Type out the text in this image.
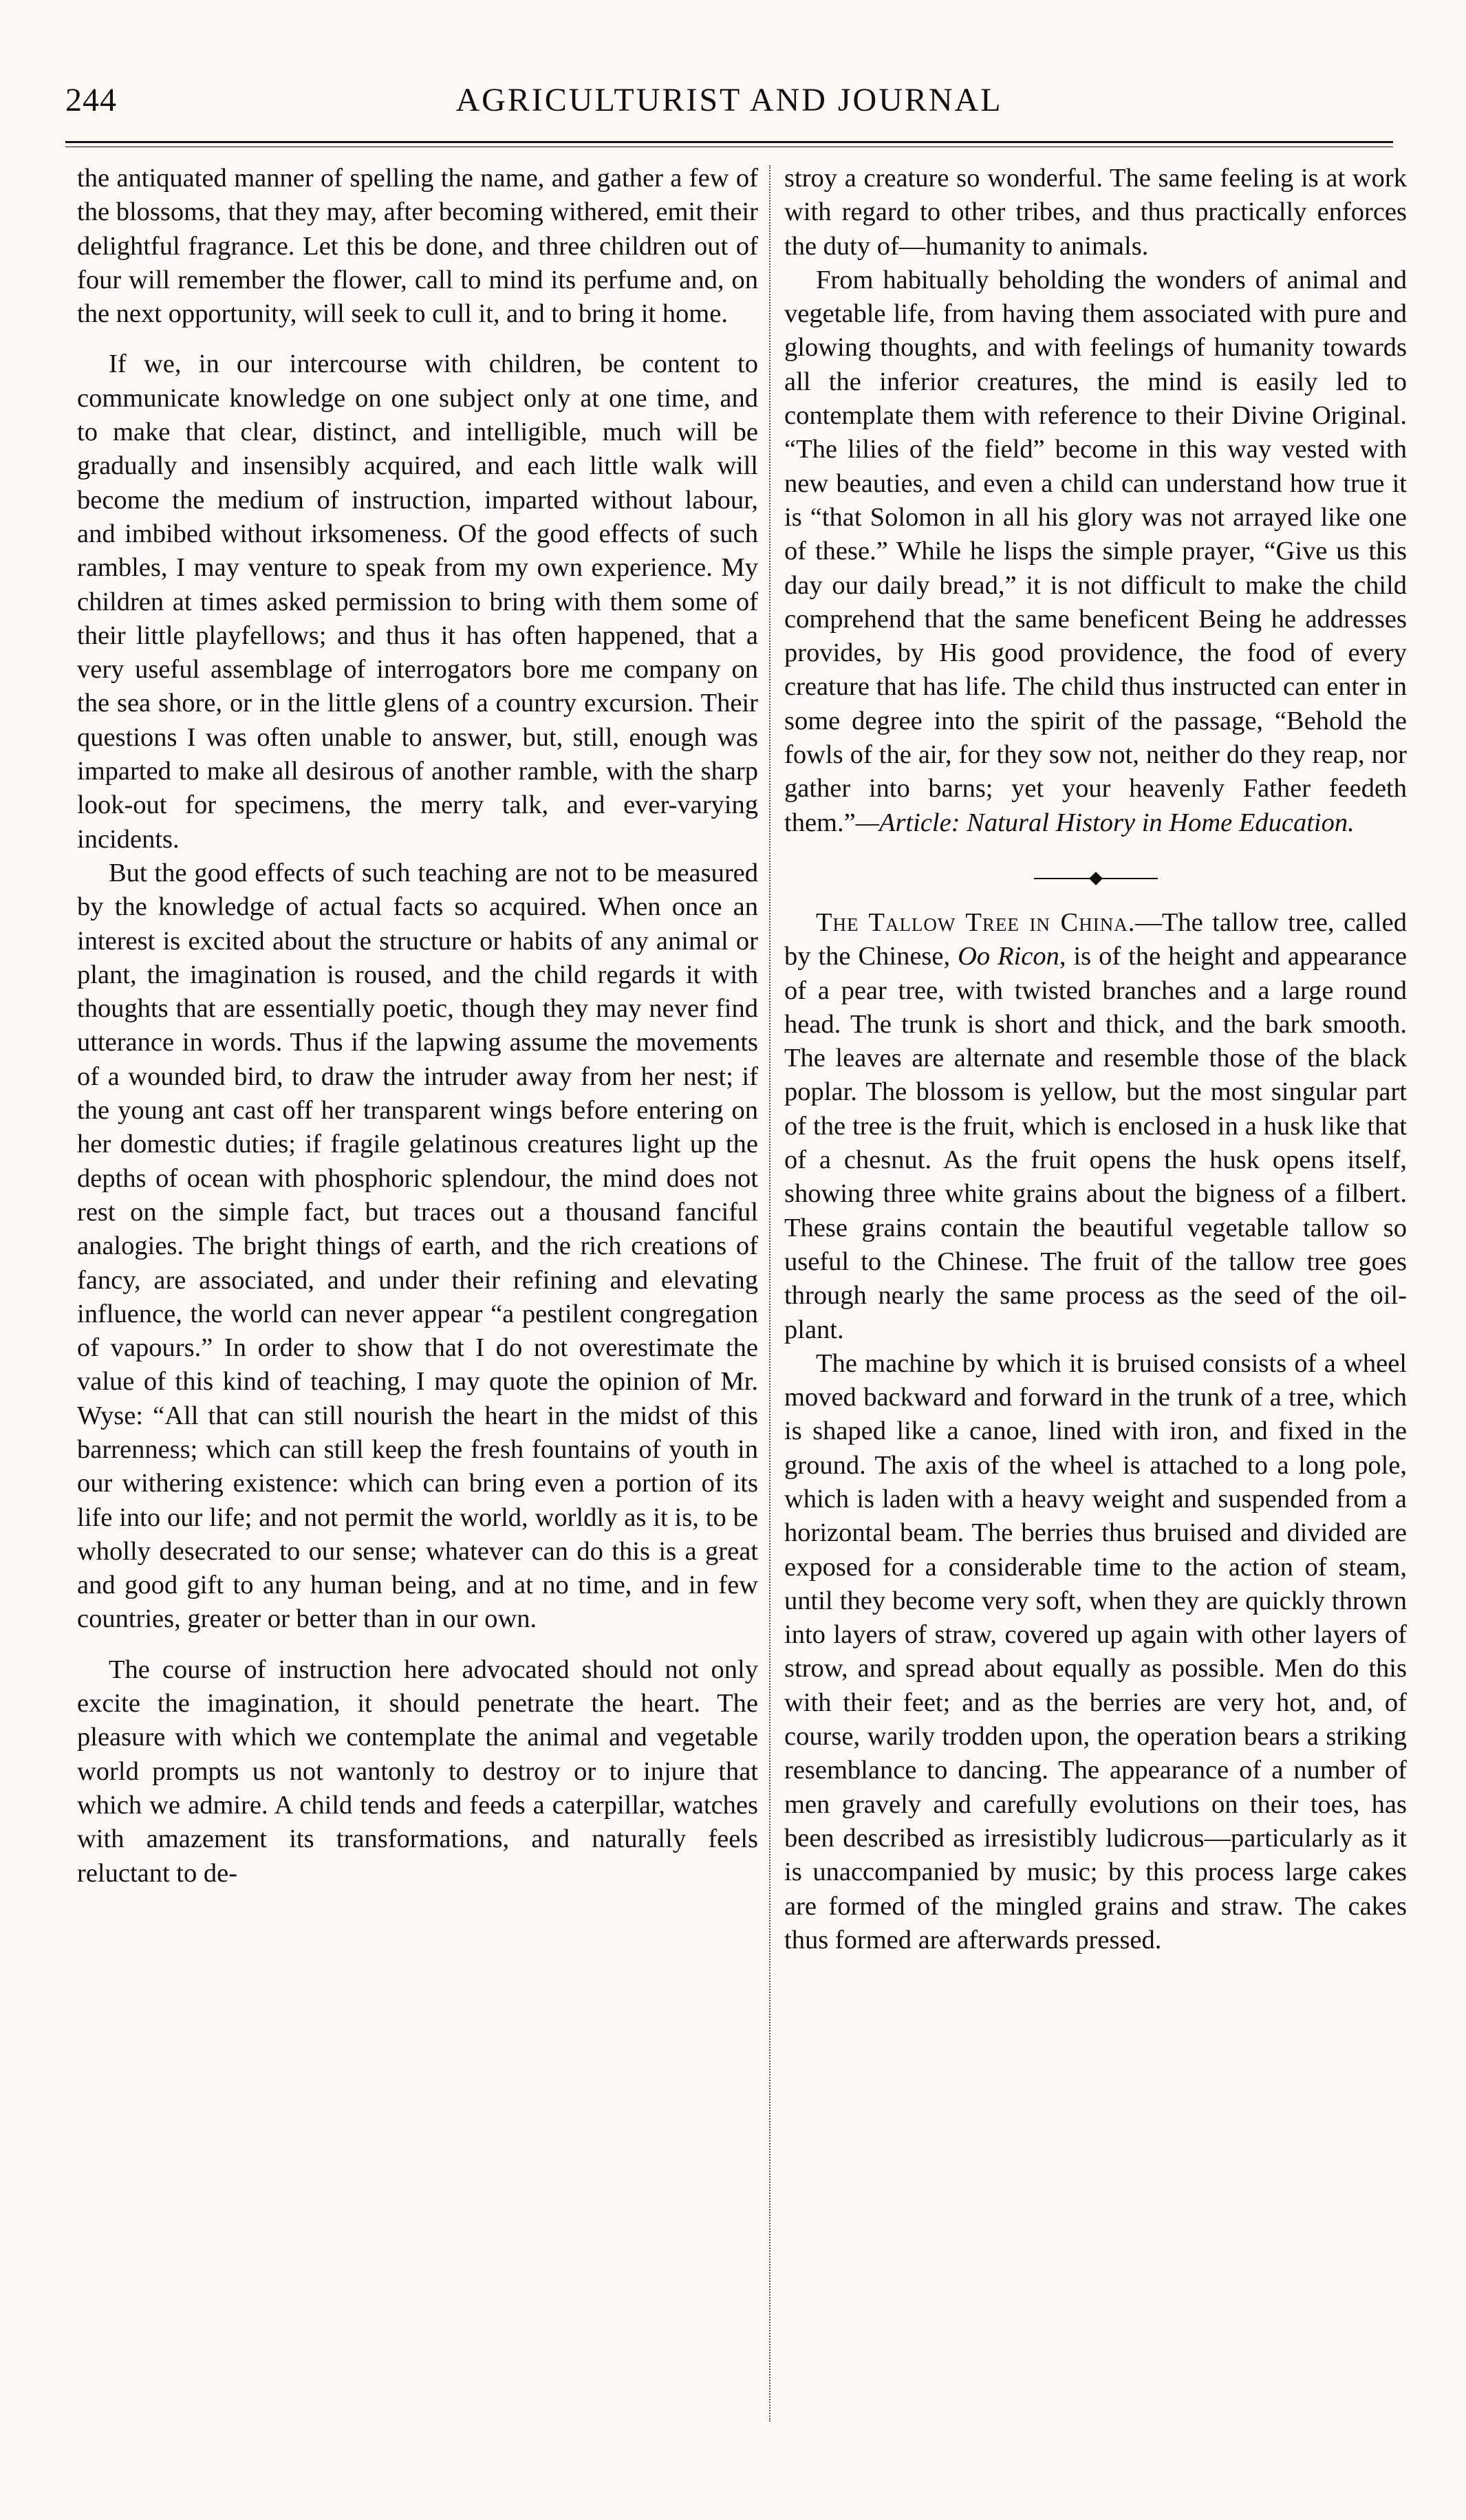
244	AGRICULTURIST AND JOURNAL

the antiquated manner of spelling the name, and gather a few of the blossoms, that they may, after becoming withered, emit their delightful fragrance. Let this be done, and three children out of four will remember the flower, call to mind its perfume and, on the next opportunity, will seek to cull it, and to bring it home.

If we, in our intercourse with children, be content to communicate knowledge on one subject only at one time, and to make that clear, distinct, and intelligible, much will be gradually and insensibly acquired, and each little walk will become the medium of instruction, imparted without labour, and imbibed without irksomeness. Of the good effects of such rambles, I may venture to speak from my own experience. My children at times asked permission to bring with them some of their little playfellows; and thus it has often happened, that a very useful assemblage of interrogators bore me company on the sea shore, or in the little glens of a country excursion. Their questions I was often unable to answer, but, still, enough was imparted to make all desirous of another ramble, with the sharp look-out for specimens, the merry talk, and ever-varying incidents.

But the good effects of such teaching are not to be measured by the knowledge of actual facts so acquired. When once an interest is excited about the structure or habits of any animal or plant, the imagination is roused, and the child regards it with thoughts that are essentially poetic, though they may never find utterance in words. Thus if the lapwing assume the movements of a wounded bird, to draw the intruder away from her nest; if the young ant cast off her transparent wings before entering on her domestic duties; if fragile gelatinous creatures light up the depths of ocean with phosphoric splendour, the mind does not rest on the simple fact, but traces out a thousand fanciful analogies. The bright things of earth, and the rich creations of fancy, are associated, and under their refining and elevating influence, the world can never appear “a pestilent congregation of vapours.” In order to show that I do not overestimate the value of this kind of teaching, I may quote the opinion of Mr. Wyse: “All that can still nourish the heart in the midst of this barrenness; which can still keep the fresh fountains of youth in our withering existence: which can bring even a portion of its life into our life; and not permit the world, worldly as it is, to be wholly desecrated to our sense; whatever can do this is a great and good gift to any human being, and at no time, and in few countries, greater or better than in our own.

The course of instruction here advocated should not only excite the imagination, it should penetrate the heart. The pleasure with which we contemplate the animal and vegetable world prompts us not wantonly to destroy or to injure that which we admire. A child tends and feeds a caterpillar, watches with amazement its transformations, and naturally feels reluctant to de-

stroy a creature so wonderful. The same feeling is at work with regard to other tribes, and thus practically enforces the duty of—humanity to animals.

From habitually beholding the wonders of animal and vegetable life, from having them associated with pure and glowing thoughts, and with feelings of humanity towards all the inferior creatures, the mind is easily led to contemplate them with reference to their Divine Original. “The lilies of the field” become in this way vested with new beauties, and even a child can understand how true it is “that Solomon in all his glory was not arrayed like one of these.” While he lisps the simple prayer, “Give us this day our daily bread,” it is not difficult to make the child comprehend that the same beneficent Being he addresses provides, by His good providence, the food of every creature that has life. The child thus instructed can enter in some degree into the spirit of the passage, “Behold the fowls of the air, for they sow not, neither do they reap, nor gather into barns; yet your heavenly Father feedeth them.”—Article: Natural History in Home Education.

The Tallow Tree in China.—The tallow tree, called by the Chinese, Oo Ricon, is of the height and appearance of a pear tree, with twisted branches and a large round head. The trunk is short and thick, and the bark smooth. The leaves are alternate and resemble those of the black poplar. The blossom is yellow, but the most singular part of the tree is the fruit, which is enclosed in a husk like that of a chesnut. As the fruit opens the husk opens itself, showing three white grains about the bigness of a filbert. These grains contain the beautiful vegetable tallow so useful to the Chinese. The fruit of the tallow tree goes through nearly the same process as the seed of the oil-plant.

The machine by which it is bruised consists of a wheel moved backward and forward in the trunk of a tree, which is shaped like a canoe, lined with iron, and fixed in the ground. The axis of the wheel is attached to a long pole, which is laden with a heavy weight and suspended from a horizontal beam. The berries thus bruised and divided are exposed for a considerable time to the action of steam, until they become very soft, when they are quickly thrown into layers of straw, covered up again with other layers of strow, and spread about equally as possible. Men do this with their feet; and as the berries are very hot, and, of course, warily trodden upon, the operation bears a striking resemblance to dancing. The appearance of a number of men gravely and carefully evolutions on their toes, has been described as irresistibly ludicrous—particularly as it is unaccompanied by music; by this process large cakes are formed of the mingled grains and straw. The cakes thus formed are afterwards pressed.
